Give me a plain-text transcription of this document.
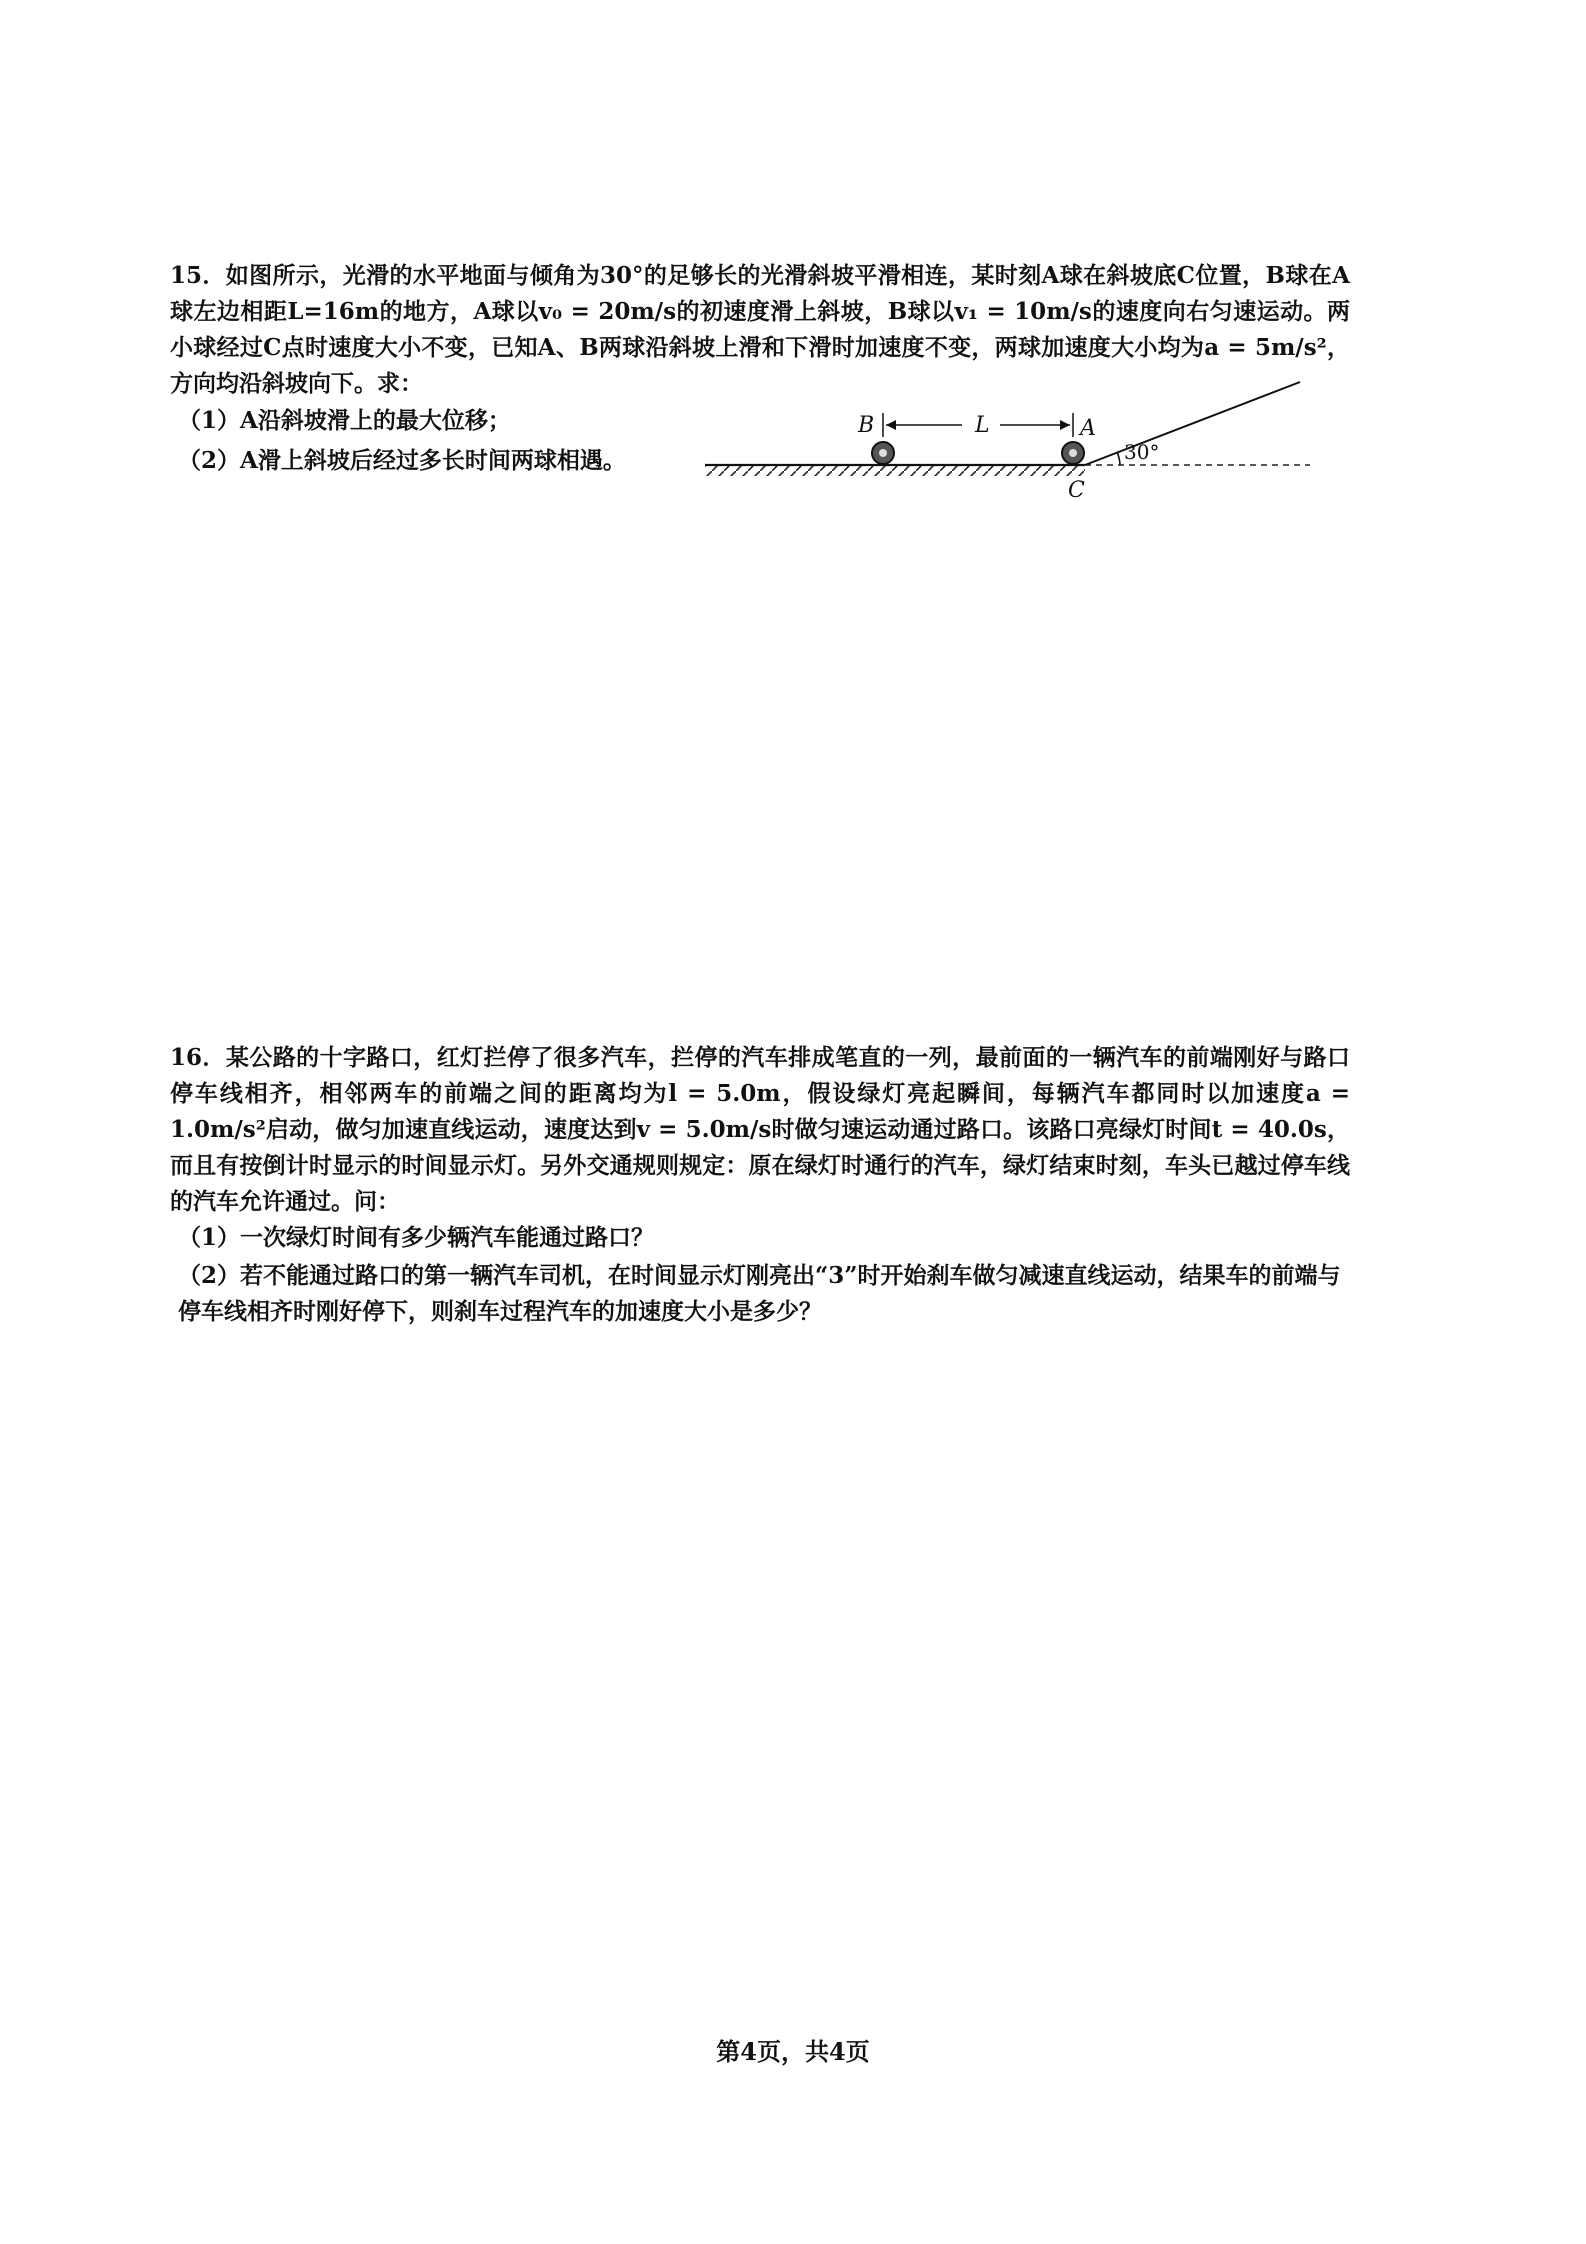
15．如图所示，光滑的水平地面与倾角为30°的足够长的光滑斜坡平滑相连，某时刻A球在斜坡底C位置，B球在A球左边相距L=16m的地方，A球以v₀ = 20m/s的初速度滑上斜坡，B球以v₁ = 10m/s的速度向右匀速运动。两小球经过C点时速度大小不变，已知A、B两球沿斜坡上滑和下滑时加速度不变，两球加速度大小均为a = 5m/s²，方向均沿斜坡向下。求：
（1）A沿斜坡滑上的最大位移；
（2）A滑上斜坡后经过多长时间两球相遇。
B	L	A
C
30°
16．某公路的十字路口，红灯拦停了很多汽车，拦停的汽车排成笔直的一列，最前面的一辆汽车的前端刚好与路口停车线相齐，相邻两车的前端之间的距离均为l = 5.0m，假设绿灯亮起瞬间，每辆汽车都同时以加速度a = 1.0m/s²启动，做匀加速直线运动，速度达到v = 5.0m/s时做匀速运动通过路口。该路口亮绿灯时间t = 40.0s，而且有按倒计时显示的时间显示灯。另外交通规则规定：原在绿灯时通行的汽车，绿灯结束时刻，车头已越过停车线的汽车允许通过。问：
（1）一次绿灯时间有多少辆汽车能通过路口？
（2）若不能通过路口的第一辆汽车司机，在时间显示灯刚亮出“3”时开始刹车做匀减速直线运动，结果车的前端与停车线相齐时刚好停下，则刹车过程汽车的加速度大小是多少？
第4页，共4页
